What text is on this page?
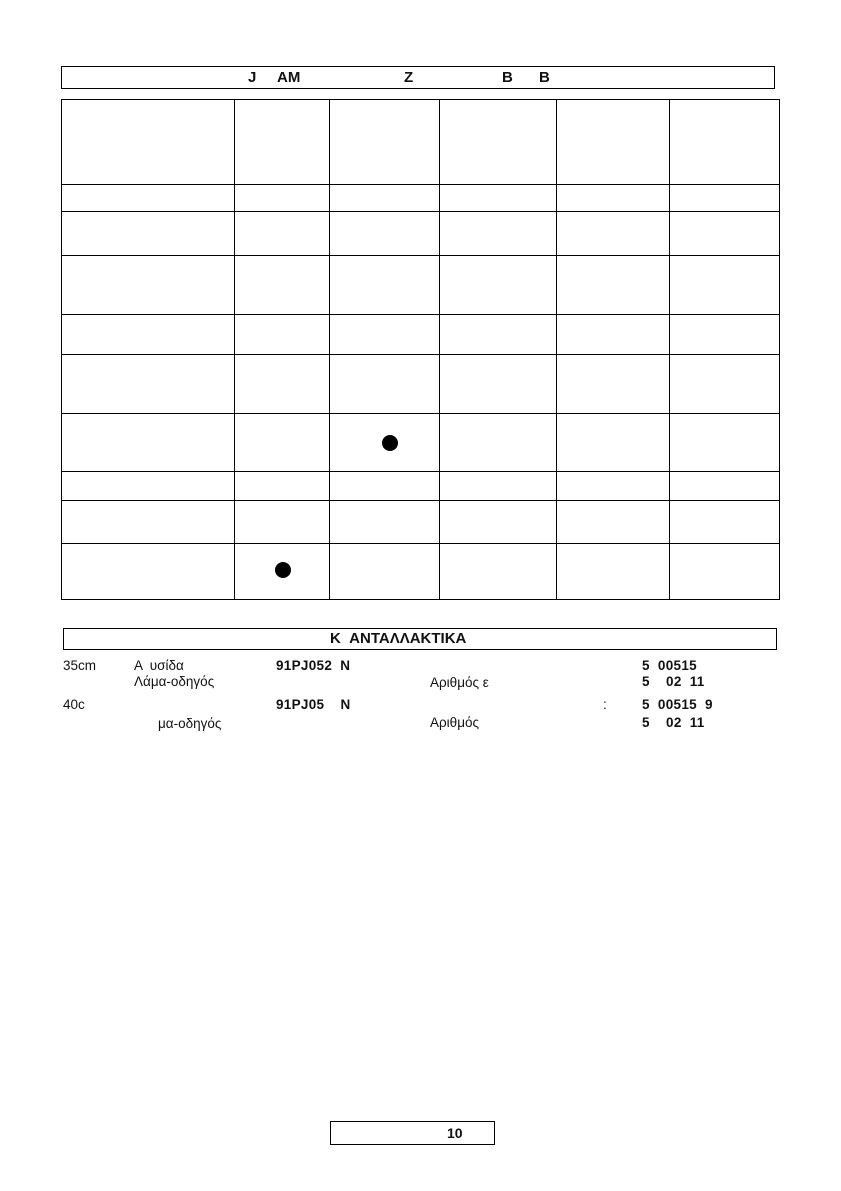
J AM	Z	B B

K  ΑΝΤΑΛΛΑΚΤΙΚΑ
35cm	Α  υσίδα	91PJ052  N	5  00515
Λάμα-οδηγός	Αριθμός ε	5    02  11
40c	91PJ05    N	:	5  00515  9
μα-οδηγός	Αριθμός	5    02  11
10
